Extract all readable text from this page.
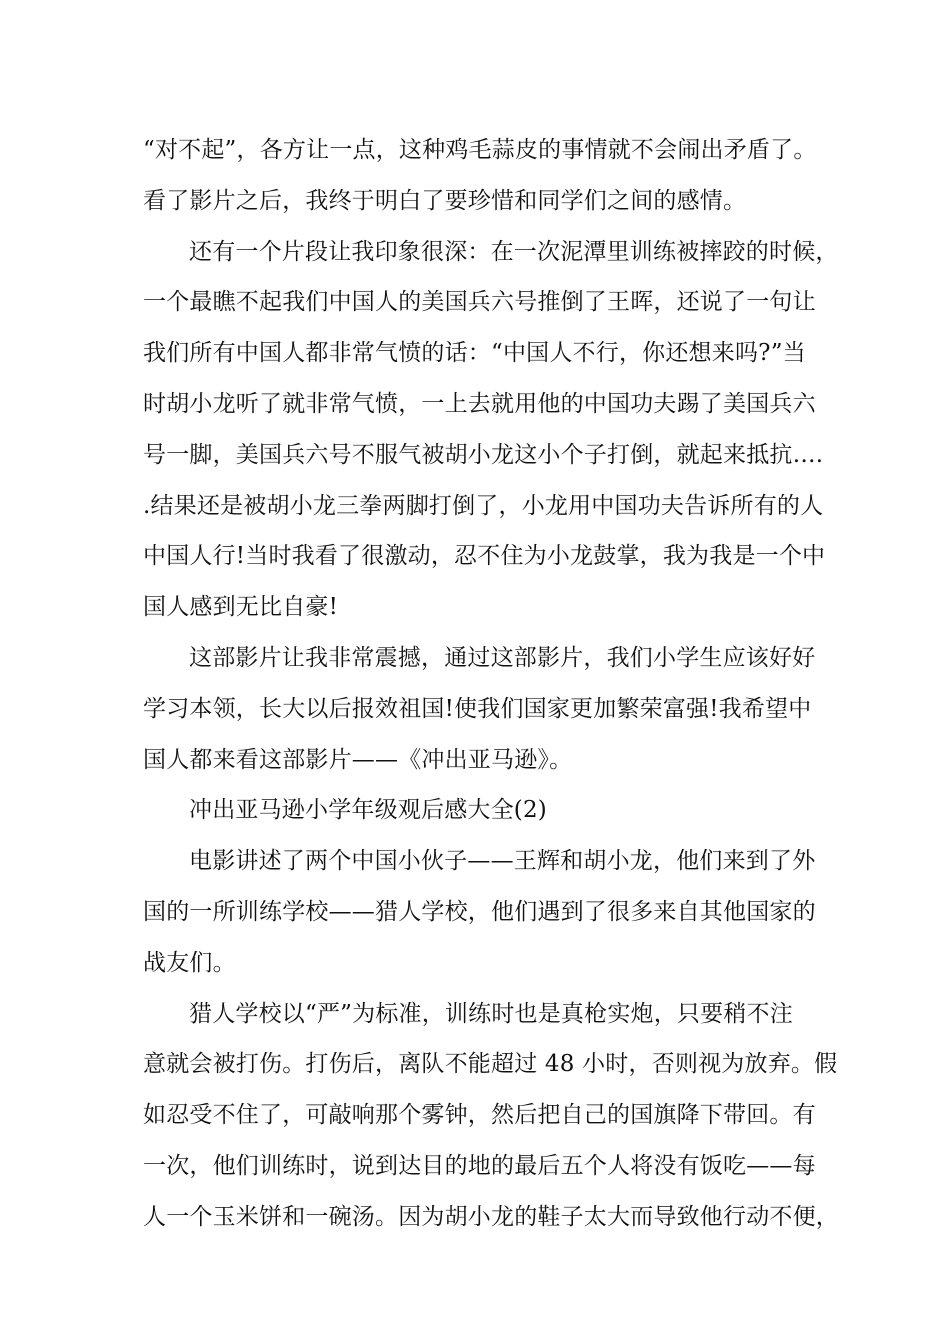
“对不起”，各方让一点，这种鸡毛蒜皮的事情就不会闹出矛盾了。
看了影片之后，我终于明白了要珍惜和同学们之间的感情。
还有一个片段让我印象很深：在一次泥潭里训练被摔跤的时候，
一个最瞧不起我们中国人的美国兵六号推倒了王晖，还说了一句让
我们所有中国人都非常气愤的话：“中国人不行，你还想来吗?”当
时胡小龙听了就非常气愤，一上去就用他的中国功夫踢了美国兵六
号一脚，美国兵六号不服气被胡小龙这小个子打倒，就起来抵抗….
.结果还是被胡小龙三拳两脚打倒了，小龙用中国功夫告诉所有的人
中国人行!当时我看了很激动，忍不住为小龙鼓掌，我为我是一个中
国人感到无比自豪!
这部影片让我非常震撼，通过这部影片，我们小学生应该好好
学习本领，长大以后报效祖国!使我们国家更加繁荣富强!我希望中
国人都来看这部影片——《冲出亚马逊》。
冲出亚马逊小学年级观后感大全(2)
电影讲述了两个中国小伙子——王辉和胡小龙，他们来到了外
国的一所训练学校——猎人学校，他们遇到了很多来自其他国家的
战友们。
猎人学校以“严”为标准，训练时也是真枪实炮，只要稍不注
意就会被打伤。打伤后，离队不能超过 48 小时，否则视为放弃。假
如忍受不住了，可敲响那个雾钟，然后把自己的国旗降下带回。有
一次，他们训练时，说到达目的地的最后五个人将没有饭吃——每
人一个玉米饼和一碗汤。因为胡小龙的鞋子太大而导致他行动不便，
